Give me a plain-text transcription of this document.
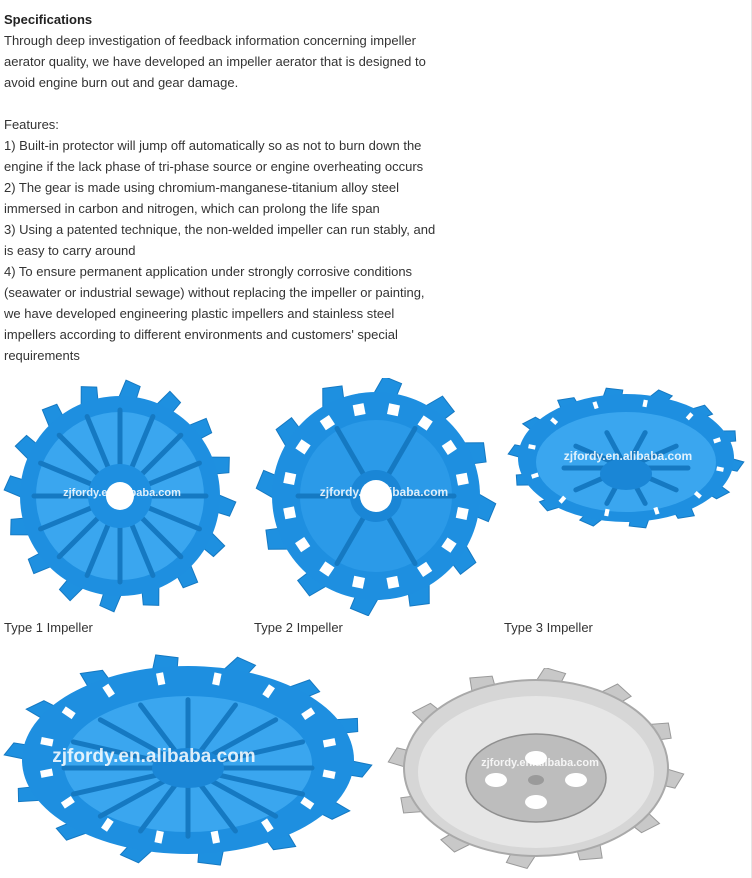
Specifications
Through deep investigation of feedback information concerning impeller
aerator quality, we have developed an impeller aerator that is designed to
avoid engine burn out and gear damage.
Features:
1) Built-in protector will jump off automatically so as not to burn down the
engine if the lack phase of tri-phase source or engine overheating occurs
2) The gear is made using chromium-manganese-titanium alloy steel
immersed in carbon and nitrogen, which can prolong the life span
3) Using a patented technique, the non-welded impeller can run stably, and
is easy to carry around
4) To ensure permanent application under strongly corrosive conditions
(seawater or industrial sewage) without replacing the impeller or painting,
we have developed engineering plastic impellers and stainless steel
impellers according to different environments and customers' special
requirements
zjfordy.en.alibaba.com	zjfordy.en.alibaba.com
zjfordy.en.alibaba.com
Type 1 Impeller	Type 2 Impeller	Type 3 Impeller
zjfordy.en.alibaba.com	zjfordy.en.alibaba.com
